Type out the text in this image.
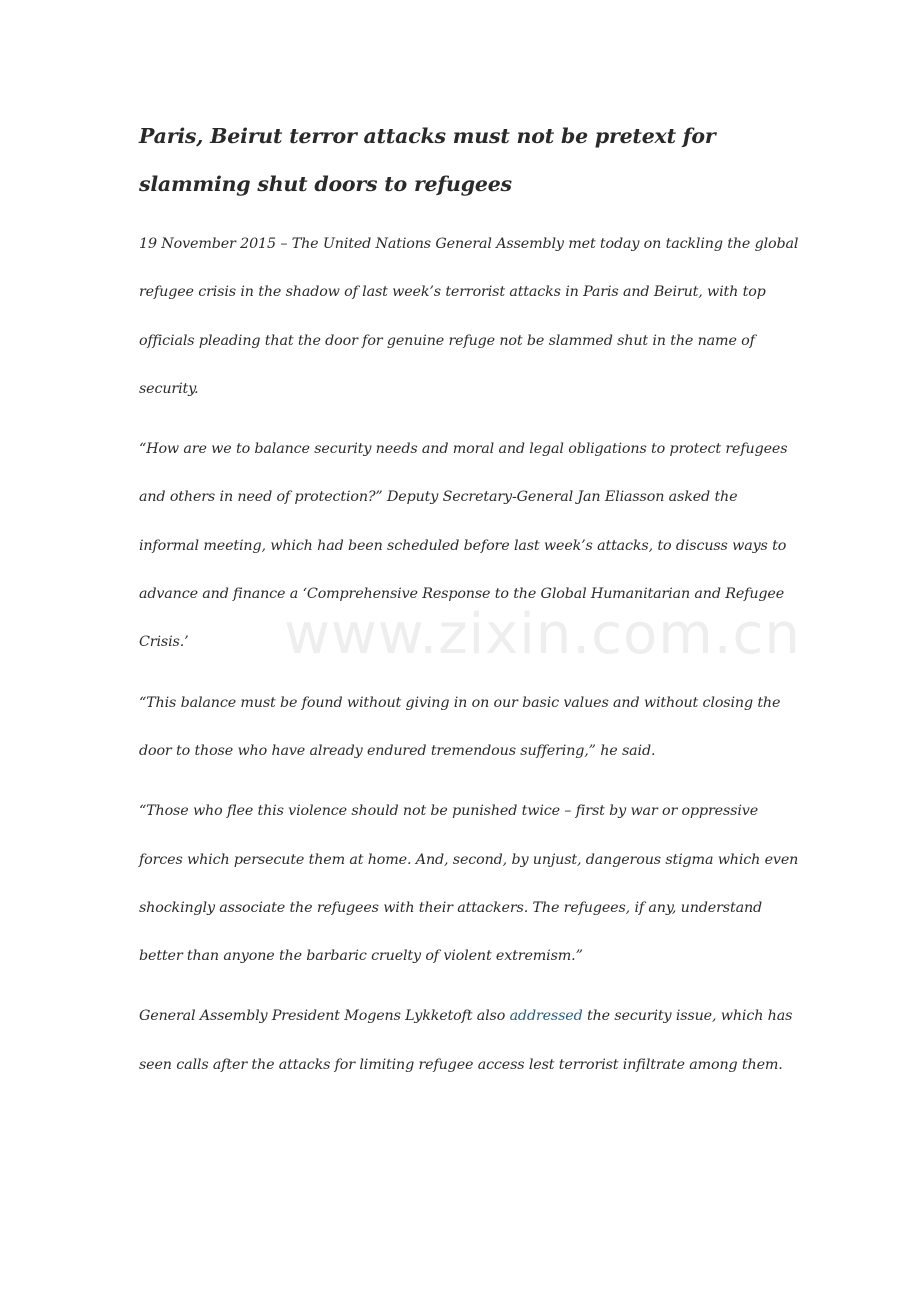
Paris, Beirut terror attacks must not be pretext for slamming shut doors to refugees

19 November 2015 – The United Nations General Assembly met today on tackling the global refugee crisis in the shadow of last week’s terrorist attacks in Paris and Beirut, with top officials pleading that the door for genuine refuge not be slammed shut in the name of security.

“How are we to balance security needs and moral and legal obligations to protect refugees and others in need of protection?” Deputy Secretary-General Jan Eliasson asked the informal meeting, which had been scheduled before last week’s attacks, to discuss ways to advance and finance a ‘Comprehensive Response to the Global Humanitarian and Refugee Crisis.’

“This balance must be found without giving in on our basic values and without closing the door to those who have already endured tremendous suffering,” he said.

“Those who flee this violence should not be punished twice – first by war or oppressive forces which persecute them at home. And, second, by unjust, dangerous stigma which even shockingly associate the refugees with their attackers. The refugees, if any, understand better than anyone the barbaric cruelty of violent extremism.”

General Assembly President Mogens Lykketoft also addressed the security issue, which has seen calls after the attacks for limiting refugee access lest terrorist infiltrate among them.

www.zixin.com.cn
